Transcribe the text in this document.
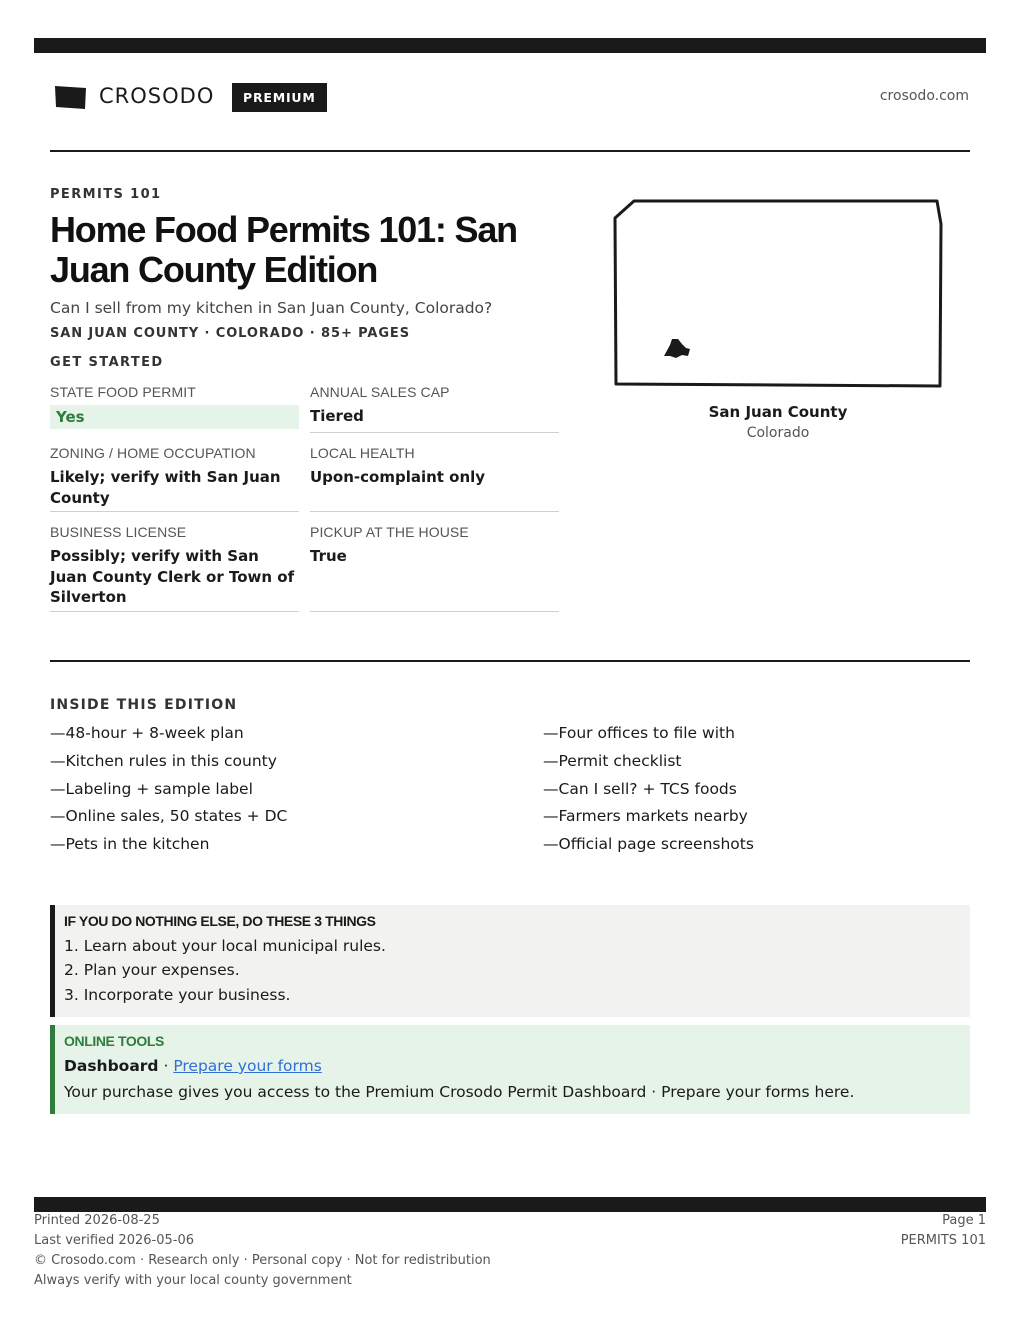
CROSODO	PREMIUM	crosodo.com
PERMITS 101
Home Food Permits 101: San Juan County Edition
Can I sell from my kitchen in San Juan County, Colorado?
SAN JUAN COUNTY · COLORADO · 85+ PAGES
GET STARTED
STATE FOOD PERMIT
Yes
ANNUAL SALES CAP
Tiered
ZONING / HOME OCCUPATION
Likely; verify with San Juan County
LOCAL HEALTH
Upon-complaint only
BUSINESS LICENSE
Possibly; verify with San Juan County Clerk or Town of Silverton
PICKUP AT THE HOUSE
True
San Juan County
Colorado
INSIDE THIS EDITION
—48-hour + 8-week plan
—Kitchen rules in this county
—Labeling + sample label
—Online sales, 50 states + DC
—Pets in the kitchen
—Four offices to file with
—Permit checklist
—Can I sell? + TCS foods
—Farmers markets nearby
—Official page screenshots
IF YOU DO NOTHING ELSE, DO THESE 3 THINGS
1. Learn about your local municipal rules.
2. Plan your expenses.
3. Incorporate your business.
ONLINE TOOLS
Dashboard · Prepare your forms
Your purchase gives you access to the Premium Crosodo Permit Dashboard · Prepare your forms here.
Printed 2026-08-25
Last verified 2026-05-06
© Crosodo.com · Research only · Personal copy · Not for redistribution
Always verify with your local county government
Page 1
PERMITS 101
